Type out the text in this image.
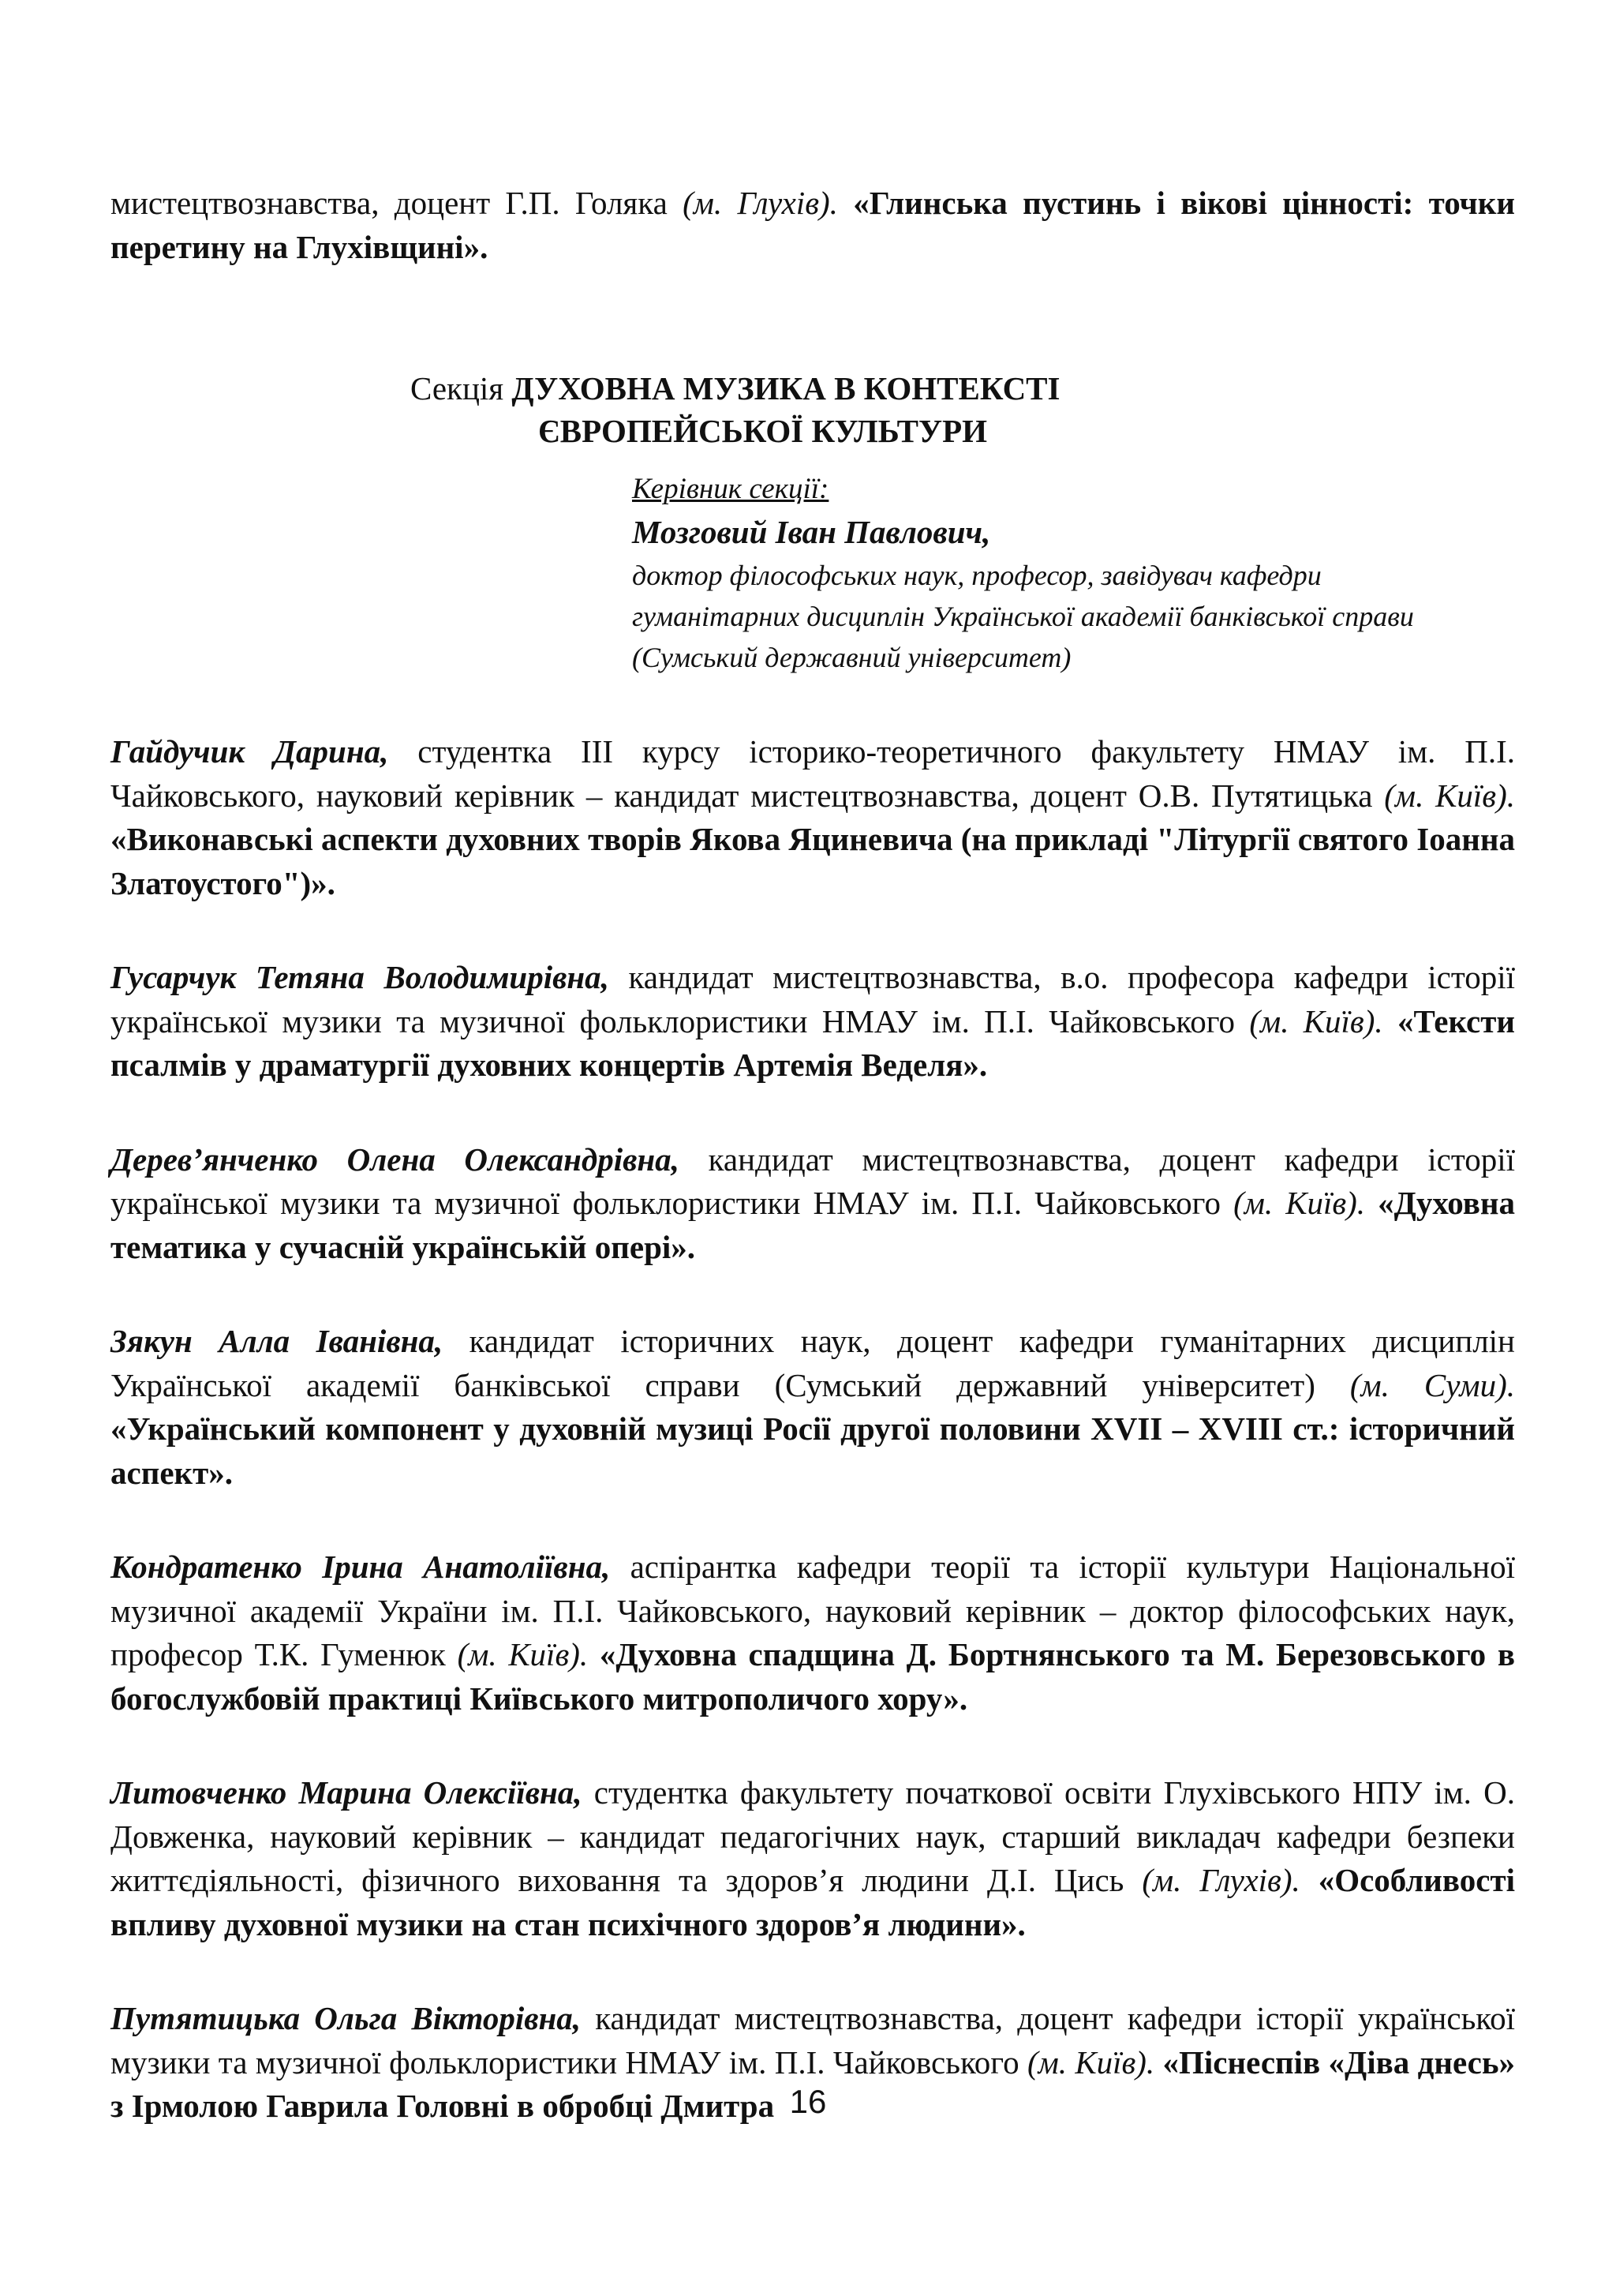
мистецтвознавства, доцент Г.П. Голяка (м. Глухів). «Глинська пустинь і вікові цінності: точки перетину на Глухівщині».

Секція ДУХОВНА МУЗИКА В КОНТЕКСТІ
ЄВРОПЕЙСЬКОЇ КУЛЬТУРИ
Керівник секції:
Мозговий Іван Павлович,
доктор філософських наук, професор, завідувач кафедри
гуманітарних дисциплін Української академії банківської справи
(Сумський державний університет)

Гайдучик Дарина, студентка ІІІ курсу історико-теоретичного факультету НМАУ ім. П.І. Чайковського, науковий керівник – кандидат мистецтвознавства, доцент О.В. Путятицька (м. Київ). «Виконавські аспекти духовних творів Якова Яциневича (на прикладі "Літургії святого Іоанна Златоустого")».

Гусарчук Тетяна Володимирівна, кандидат мистецтвознавства, в.о. професора кафедри історії української музики та музичної фольклористики НМАУ ім. П.І. Чайковського (м. Київ). «Тексти псалмів у драматургії духовних концертів Артемія Веделя».

Дерев’янченко Олена Олександрівна, кандидат мистецтвознавства, доцент кафедри історії української музики та музичної фольклористики НМАУ ім. П.І. Чайковського (м. Київ). «Духовна тематика у сучасній українській опері».

Зякун Алла Іванівна, кандидат історичних наук, доцент кафедри гуманітарних дисциплін Української академії банківської справи (Сумський державний університет) (м. Суми). «Український компонент у духовній музиці Росії другої половини XVII – XVIII ст.: історичний аспект».

Кондратенко Ірина Анатоліївна, аспірантка кафедри теорії та історії культури Національної музичної академії України ім. П.І. Чайковського, науковий керівник – доктор філософських наук, професор Т.К. Гуменюк (м. Київ). «Духовна спадщина Д. Бортнянського та М. Березовського в богослужбовій практиці Київського митрополичого хору».

Литовченко Марина Олексіївна, студентка факультету початкової освіти Глухівського НПУ ім. О. Довженка, науковий керівник – кандидат педагогічних наук, старший викладач кафедри безпеки життєдіяльності, фізичного виховання та здоров’я людини Д.І. Цись (м. Глухів). «Особливості впливу духовної музики на стан психічного здоров’я людини».

Путятицька Ольга Вікторівна, кандидат мистецтвознавства, доцент кафедри історії української музики та музичної фольклористики НМАУ ім. П.І. Чайковського (м. Київ). «Піснеспів «Діва днесь» з Ірмолою Гаврила Головні в обробці Дмитра 16
